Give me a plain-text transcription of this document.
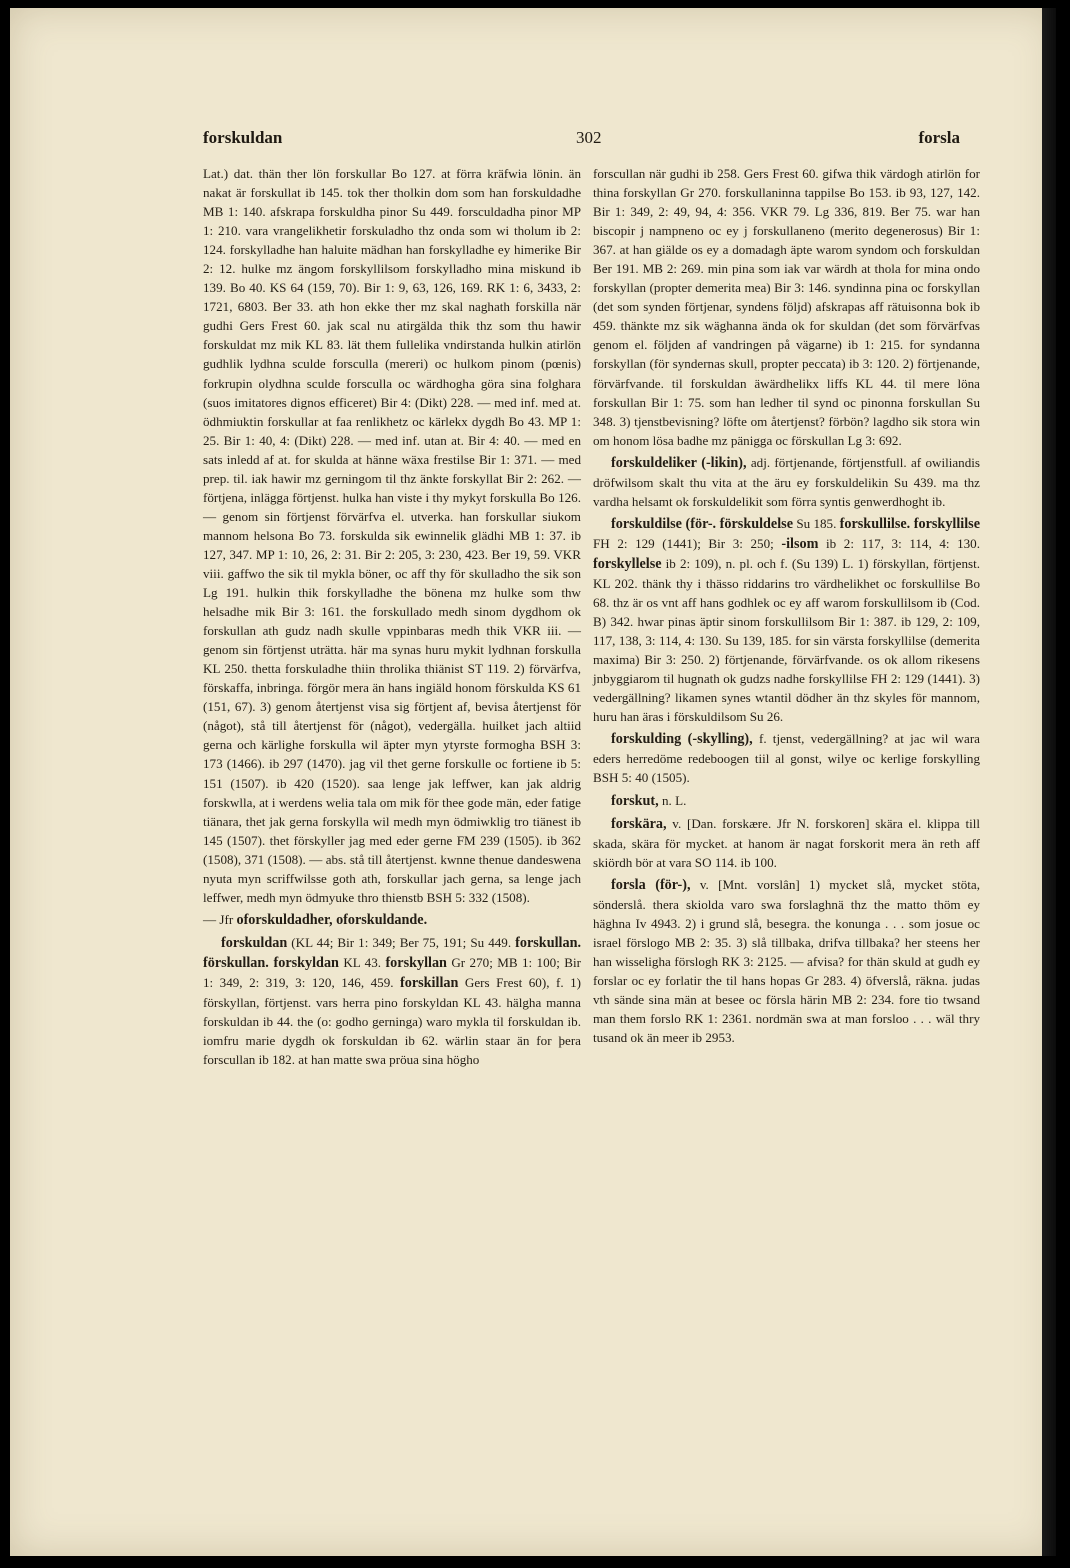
forskuldan	302	forsla

Lat.) dat. thän ther lön forskullar Bo 127. at förra kräfwia lönin. än nakat är forskullat ib 145. tok ther tholkin dom som han forskuldadhe MB 1: 140. afskrapa forskuldha pinor Su 449. forsculdadha pinor MP 1: 210. vara vrangelikhetir forskuladho thz onda som wi tholum ib 2: 124. forskylladhe han haluite mädhan han forskylladhe ey himerike Bir 2: 12. hulke mz ängom forskyllilsom forskylladho mina miskund ib 139. Bo 40. KS 64 (159, 70). Bir 1: 9, 63, 126, 169. RK 1: 6, 3433, 2: 1721, 6803. Ber 33. ath hon ekke ther mz skal naghath forskilla när gudhi Gers Frest 60. jak scal nu atirgälda thik thz som thu hawir forskuldat mz mik KL 83. lät them fullelika vndirstanda hulkin atirlön gudhlik lydhna sculde forsculla (mereri) oc hulkom pinom (pœnis) forkrupin olydhna sculde forsculla oc wärdhogha göra sina folghara (suos imitatores dignos efficeret) Bir 4: (Dikt) 228. — med inf. med at. ödhmiuktin forskullar at faa renlikhetz oc kärlekx dygdh Bo 43. MP 1: 25. Bir 1: 40, 4: (Dikt) 228. — med inf. utan at. Bir 4: 40. — med en sats inledd af at. for skulda at hänne wäxa frestilse Bir 1: 371. — med prep. til. iak hawir mz gerningom til thz änkte forskyllat Bir 2: 262. — förtjena, inlägga förtjenst. hulka han viste i thy mykyt forskulla Bo 126. — genom sin förtjenst förvärfva el. utverka. han forskullar siukom mannom helsona Bo 73. forskulda sik ewinnelik glädhi MB 1: 37. ib 127, 347. MP 1: 10, 26, 2: 31. Bir 2: 205, 3: 230, 423. Ber 19, 59. VKR viii. gaffwo the sik til mykla böner, oc aff thy för skulladho the sik son Lg 191. hulkin thik forskylladhe the bönena mz hulke som thw helsadhe mik Bir 3: 161. the forskullado medh sinom dygdhom ok forskullan ath gudz nadh skulle vppinbaras medh thik VKR iii. — genom sin förtjenst uträtta. här ma synas huru mykit lydhnan forskulla KL 250. thetta forskuladhe thiin throlika thiänist ST 119. 2) förvärfva, förskaffa, inbringa. förgör mera än hans ingiäld honom förskulda KS 61 (151, 67). 3) genom återtjenst visa sig förtjent af, bevisa återtjenst för (något), stå till återtjenst för (något), vedergälla. huilket jach altiid gerna och kärlighe forskulla wil äpter myn ytyrste formogha BSH 3: 173 (1466). ib 297 (1470). jag vil thet gerne forskulle oc fortiene ib 5: 151 (1507). ib 420 (1520). saa lenge jak leffwer, kan jak aldrig forskwlla, at i werdens welia tala om mik för thee gode män, eder fatige tiänara, thet jak gerna forskylla wil medh myn ödmiwklig tro tiänest ib 145 (1507). thet förskyller jag med eder gerne FM 239 (1505). ib 362 (1508), 371 (1508). — abs. stå till återtjenst. kwnne thenue dandeswena nyuta myn scriffwilsse goth ath, forskullar jach gerna, sa lenge jach leffwer, medh myn ödmyuke thro thienstb BSH 5: 332 (1508).

— Jfr oforskuldadher, oforskuldande.

forskuldan (KL 44; Bir 1: 349; Ber 75, 191; Su 449. forskullan. förskullan. forskyldan KL 43. forskyllan Gr 270; MB 1: 100; Bir 1: 349, 2: 319, 3: 120, 146, 459. forskillan Gers Frest 60), f. 1) förskyllan, förtjenst. vars herra pino forskyldan KL 43. hälgha manna forskuldan ib 44. the (o: godho gerninga) waro mykla til forskuldan ib. iomfru marie dygdh ok forskuldan ib 62. wärlin staar än for þera forscullan ib 182. at han matte swa pröua sina högho

forscullan när gudhi ib 258. Gers Frest 60. gifwa thik värdogh atirlön for thina forskyllan Gr 270. forskullaninna tappilse Bo 153. ib 93, 127, 142. Bir 1: 349, 2: 49, 94, 4: 356. VKR 79. Lg 336, 819. Ber 75. war han biscopir j nampneno oc ey j forskullaneno (merito degenerosus) Bir 1: 367. at han giälde os ey a domadagh äpte warom syndom och forskuldan Ber 191. MB 2: 269. min pina som iak var wärdh at thola for mina ondo forskyllan (propter demerita mea) Bir 3: 146. syndinna pina oc forskyllan (det som synden förtjenar, syndens följd) afskrapas aff rätuisonna bok ib 459. thänkte mz sik wäghanna ända ok for skuldan (det som förvärfvas genom el. följden af vandringen på vägarne) ib 1: 215. for syndanna forskyllan (för syndernas skull, propter peccata) ib 3: 120. 2) förtjenande, förvärfvande. til forskuldan äwärdhelikx liffs KL 44. til mere löna forskullan Bir 1: 75. som han ledher til synd oc pinonna forskullan Su 348. 3) tjenstbevisning? löfte om återtjenst? förbön? lagdho sik stora win om honom lösa badhe mz pänigga oc förskullan Lg 3: 692.

forskuldeliker (-likin), adj. förtjenande, förtjenstfull. af owiliandis dröfwilsom skalt thu vita at the äru ey forskuldelikin Su 439. ma thz vardha helsamt ok forskuldelikit som förra syntis genwerdhoght ib.

forskuldilse (för-. förskuldelse Su 185. forskullilse. forskyllilse FH 2: 129 (1441); Bir 3: 250; -ilsom ib 2: 117, 3: 114, 4: 130. forskyllelse ib 2: 109), n. pl. och f. (Su 139) L. 1) förskyllan, förtjenst. KL 202. thänk thy i thässo riddarins tro värdhelikhet oc forskullilse Bo 68. thz är os vnt aff hans godhlek oc ey aff warom forskullilsom ib (Cod. B) 342. hwar pinas äptir sinom forskullilsom Bir 1: 387. ib 129, 2: 109, 117, 138, 3: 114, 4: 130. Su 139, 185. for sin värsta forskyllilse (demerita maxima) Bir 3: 250. 2) förtjenande, förvärfvande. os ok allom rikesens jnbyggiarom til hugnath ok gudzs nadhe forskyllilse FH 2: 129 (1441). 3) vedergällning? likamen synes wtantil dödher än thz skyles för mannom, huru han äras i förskuldilsom Su 26.

forskulding (-skylling), f. tjenst, vedergällning? at jac wil wara eders herredöme redeboogen tiil al gonst, wilye oc kerlige forskylling BSH 5: 40 (1505).

forskut, n. L.

forskära, v. [Dan. forskære. Jfr N. forskoren] skära el. klippa till skada, skära för mycket. at hanom är nagat forskorit mera än reth aff skiördh bör at vara SO 114. ib 100.

forsla (för-), v. [Mnt. vorslân] 1) mycket slå, mycket stöta, sönderslå. thera skiolda varo swa forslaghnä thz the matto thöm ey häghna Iv 4943. 2) i grund slå, besegra. the konunga . . . som josue oc israel förslogo MB 2: 35. 3) slå tillbaka, drifva tillbaka? her steens her han wisseligha förslogh RK 3: 2125. — afvisa? for thän skuld at gudh ey forslar oc ey forlatir the til hans hopas Gr 283. 4) öfverslå, räkna. judas vth sände sina män at besee oc försla härin MB 2: 234. fore tio twsand man them forslo RK 1: 2361. nordmän swa at man forsloo . . . wäl thry tusand ok än meer ib 2953.
